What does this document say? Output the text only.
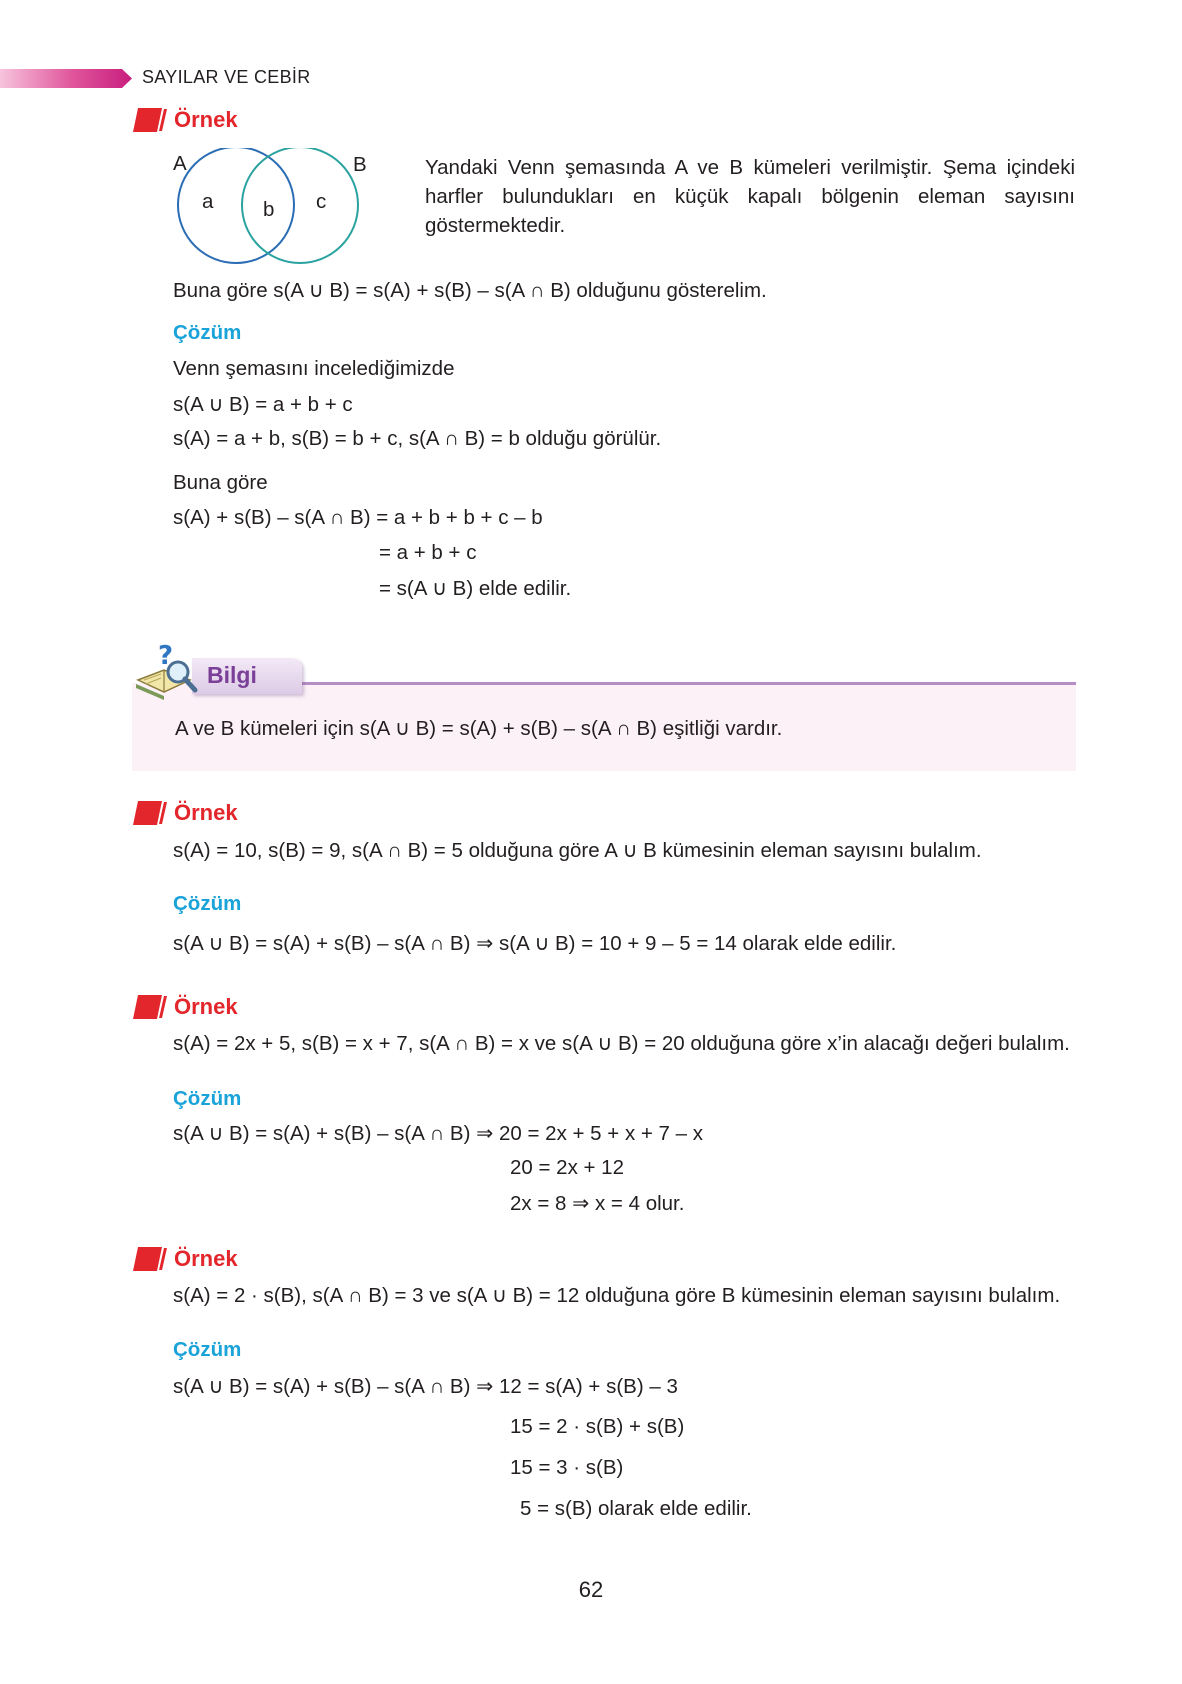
SAYILAR VE CEBİR
Örnek
A	B
a b c
Yandaki Venn şemasında A ve B kümeleri verilmiştir. Şema içindeki harfler bulundukları en küçük kapalı bölgenin eleman sayısını göstermektedir.
Buna göre s(A ∪ B) = s(A) + s(B) – s(A ∩ B) olduğunu gösterelim.
Çözüm
Venn şemasını incelediğimizde
s(A ∪ B) = a + b + c
s(A) = a + b, s(B) = b + c, s(A ∩ B) = b olduğu görülür.
Buna göre
s(A) + s(B) – s(A ∩ B) = a + b + b + c – b
= a + b + c
= s(A ∪ B) elde edilir.
?
Bilgi
A ve B kümeleri için s(A ∪ B) = s(A) + s(B) – s(A ∩ B) eşitliği vardır.
Örnek
s(A) = 10, s(B) = 9, s(A ∩ B) = 5 olduğuna göre A ∪ B kümesinin eleman sayısını bulalım.
Çözüm
s(A ∪ B) = s(A) + s(B) – s(A ∩ B) ⇒ s(A ∪ B) = 10 + 9 – 5 = 14 olarak elde edilir.
Örnek
s(A) = 2x + 5, s(B) = x + 7, s(A ∩ B) = x ve s(A ∪ B) = 20 olduğuna göre x’in alacağı değeri bulalım.
Çözüm
s(A ∪ B) = s(A) + s(B) – s(A ∩ B) ⇒ 20 = 2x + 5 + x + 7 – x
20 = 2x + 12
2x = 8 ⇒ x = 4 olur.
Örnek
s(A) = 2 · s(B), s(A ∩ B) = 3 ve s(A ∪ B) = 12 olduğuna göre B kümesinin eleman sayısını bulalım.
Çözüm
s(A ∪ B) = s(A) + s(B) – s(A ∩ B) ⇒ 12 = s(A) + s(B) – 3
15 = 2 · s(B) + s(B)
15 = 3 · s(B)
5 = s(B) olarak elde edilir.
62
